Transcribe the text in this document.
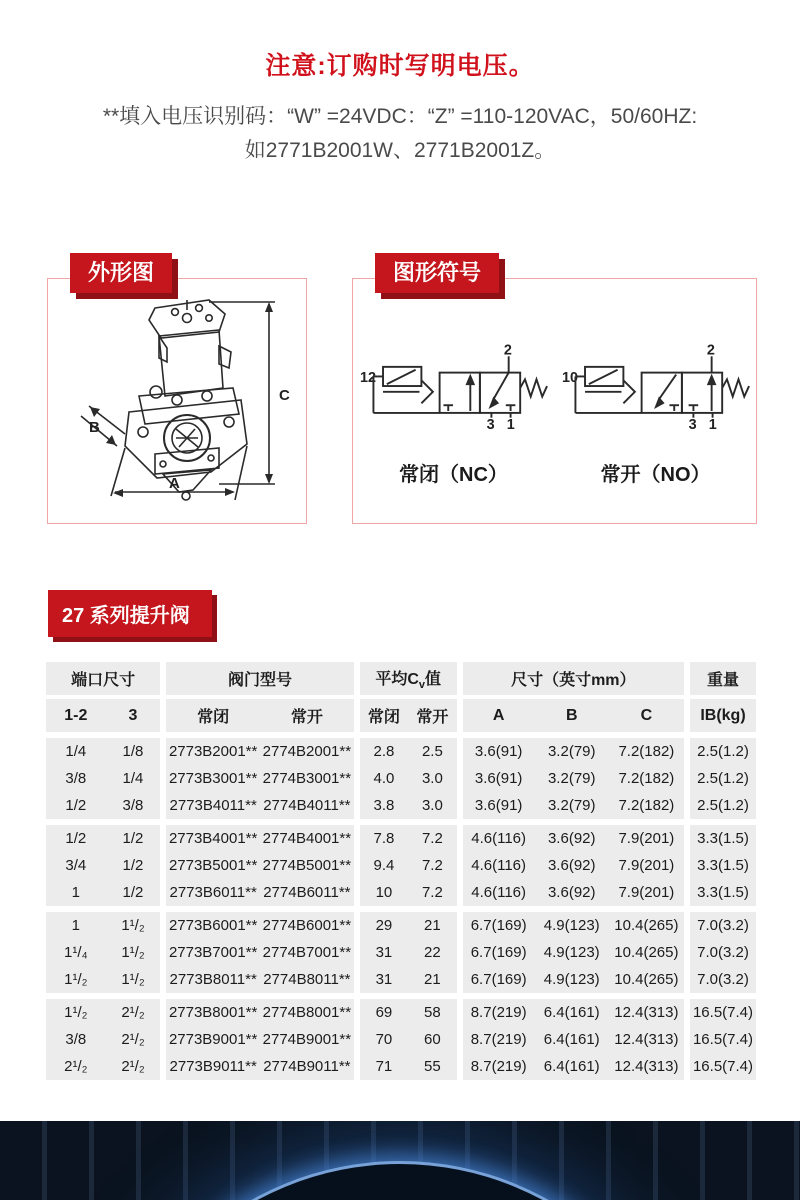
注意:订购时写明电压。
**填入电压识别码：“W” =24VDC：“Z” =110-120VAC，50/60HZ:
如2771B2001W、2771B2001Z。
外形图
C
A
B
图形符号
12
2
3 1
常闭（NC）
10
2
3 1
常开（NO）
27 系列提升阀
端口尺寸		阀门型号		平均$C_v$值		尺寸（英寸mm）			重量
1-2	3	常闭	常开	常闭	常开	A	B	C	IB(kg)
1/4	1/8	2773B2001**	2774B2001**	2.8	2.5	3.6(91)	3.2(79)	7.2(182)	2.5(1.2)
3/8	1/4	2773B3001**	2774B3001**	4.0	3.0	3.6(91)	3.2(79)	7.2(182)	2.5(1.2)
1/2	3/8	2773B4011**	2774B4011**	3.8	3.0	3.6(91)	3.2(79)	7.2(182)	2.5(1.2)
1/2	1/2	2773B4001**	2774B4001**	7.8	7.2	4.6(116)	3.6(92)	7.9(201)	3.3(1.5)
3/4	1/2	2773B5001**	2774B5001**	9.4	7.2	4.6(116)	3.6(92)	7.9(201)	3.3(1.5)
1	1/2	2773B6011**	2774B6011**	10	7.2	4.6(116)	3.6(92)	7.9(201)	3.3(1.5)
1	1¹/₂	2773B6001**	2774B6001**	29	21	6.7(169)	4.9(123)	10.4(265)	7.0(3.2)
1¹/₄	1¹/₂	2773B7001**	2774B7001**	31	22	6.7(169)	4.9(123)	10.4(265)	7.0(3.2)
1¹/₂	1¹/₂	2773B8011**	2774B8011**	31	21	6.7(169)	4.9(123)	10.4(265)	7.0(3.2)
1¹/₂	2¹/₂	2773B8001**	2774B8001**	69	58	8.7(219)	6.4(161)	12.4(313)	16.5(7.4)
3/8	2¹/₂	2773B9001**	2774B9001**	70	60	8.7(219)	6.4(161)	12.4(313)	16.5(7.4)
2¹/₂	2¹/₂	2773B9011**	2774B9011**	71	55	8.7(219)	6.4(161)	12.4(313)	16.5(7.4)
